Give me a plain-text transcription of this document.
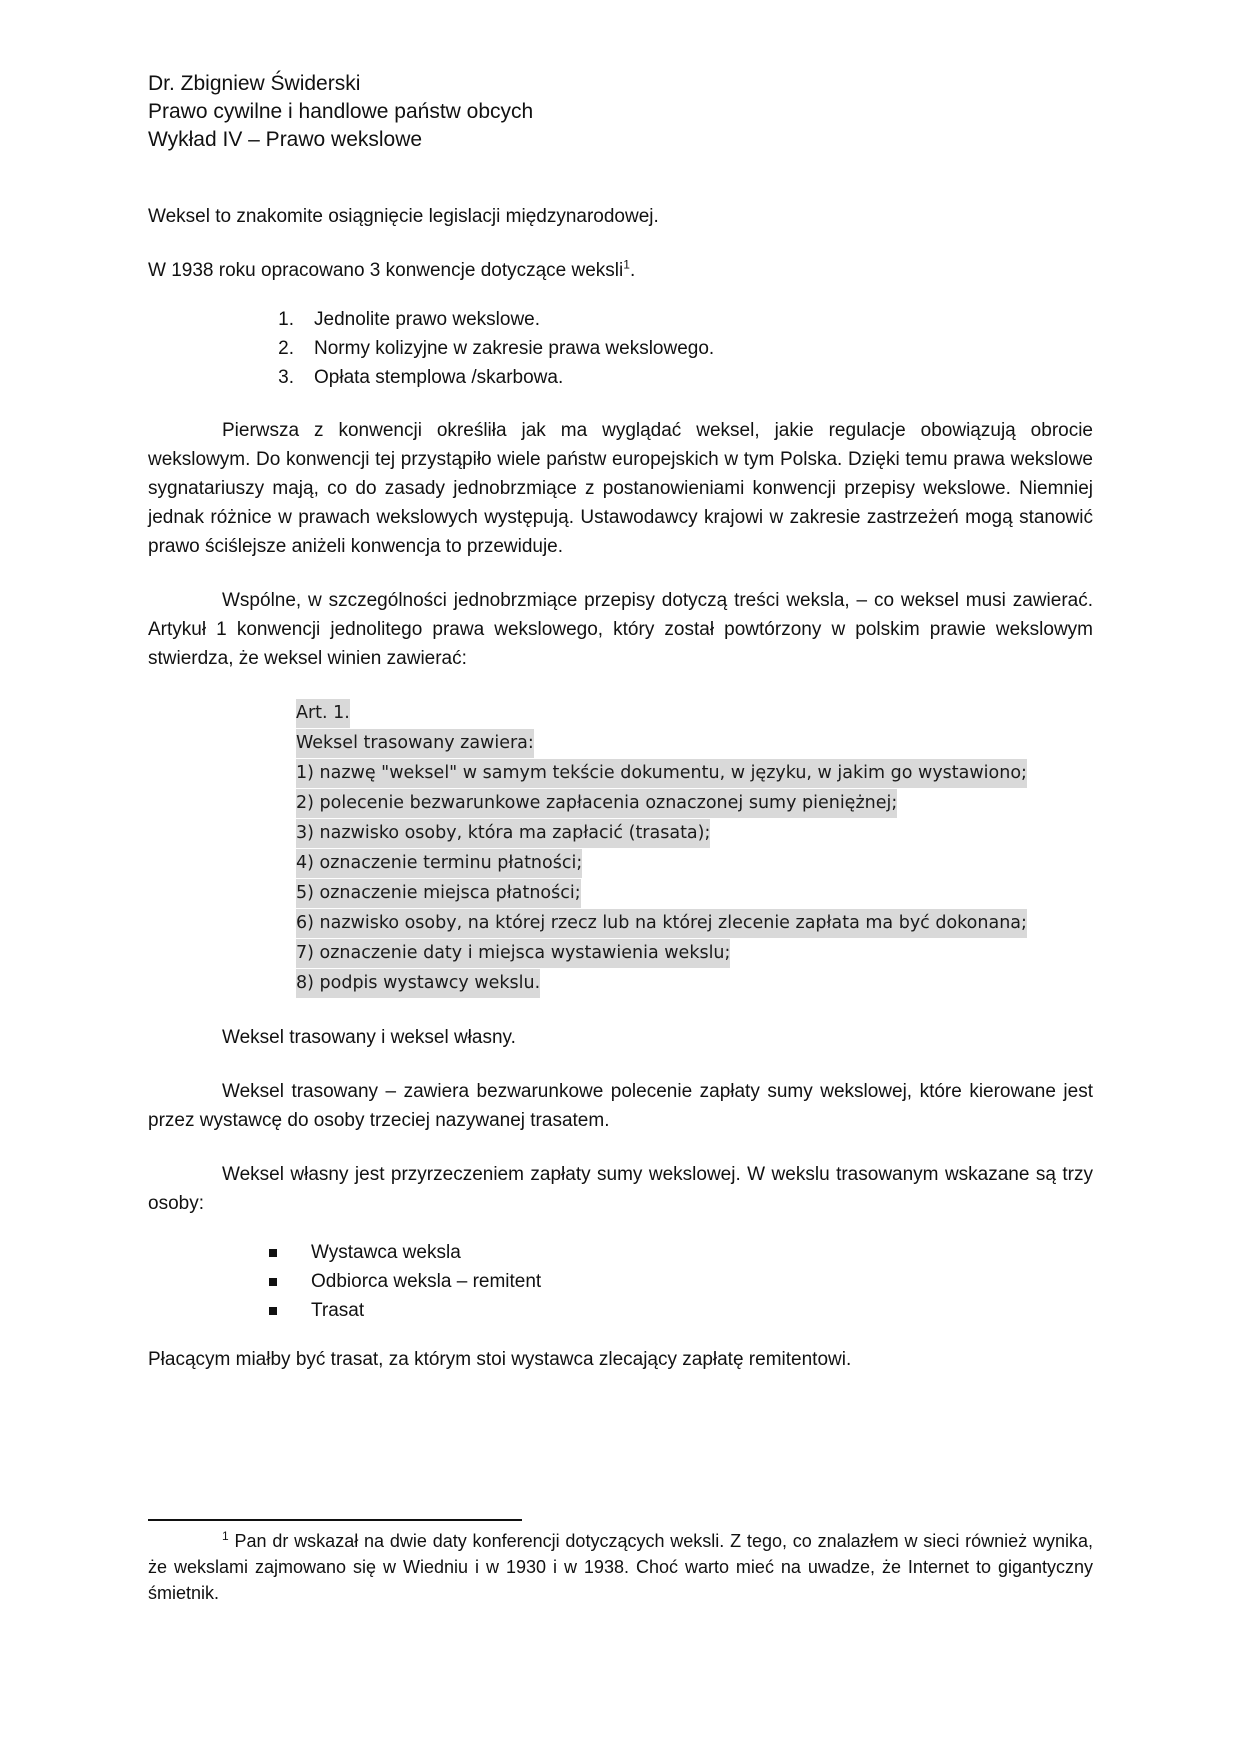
Dr. Zbigniew Świderski

Prawo cywilne i handlowe państw obcych

Wykład IV – Prawo wekslowe

Weksel to znakomite osiągnięcie legislacji międzynarodowej.

W 1938 roku opracowano 3 konwencje dotyczące weksli$^1$.

1. Jednolite prawo wekslowe.

2. Normy kolizyjne w zakresie prawa wekslowego.

3. Opłata stemplowa /skarbowa.

Pierwsza z konwencji określiła jak ma wyglądać weksel, jakie regulacje obowiązują obrocie wekslowym. Do konwencji tej przystąpiło wiele państw europejskich w tym Polska. Dzięki temu prawa wekslowe sygnatariuszy mają, co do zasady jednobrzmiące z postanowieniami konwencji przepisy wekslowe. Niemniej jednak różnice w prawach wekslowych występują. Ustawodawcy krajowi w zakresie zastrzeżeń mogą stanowić prawo ściślejsze aniżeli konwencja to przewiduje.

Wspólne, w szczególności jednobrzmiące przepisy dotyczą treści weksla, – co weksel musi zawierać. Artykuł 1 konwencji jednolitego prawa wekslowego, który został powtórzony w polskim prawie wekslowym stwierdza, że weksel winien zawierać:

Art. 1.
Weksel trasowany zawiera:
1) nazwę "weksel" w samym tekście dokumentu, w języku, w jakim go wystawiono;
2) polecenie bezwarunkowe zapłacenia oznaczonej sumy pieniężnej;
3) nazwisko osoby, która ma zapłacić (trasata);
4) oznaczenie terminu płatności;
5) oznaczenie miejsca płatności;
6) nazwisko osoby, na której rzecz lub na której zlecenie zapłata ma być dokonana;
7) oznaczenie daty i miejsca wystawienia wekslu;
8) podpis wystawcy wekslu.

Weksel trasowany i weksel własny.

Weksel trasowany – zawiera bezwarunkowe polecenie zapłaty sumy wekslowej, które kierowane jest przez wystawcę do osoby trzeciej nazywanej trasatem.

Weksel własny jest przyrzeczeniem zapłaty sumy wekslowej. W wekslu trasowanym wskazane są trzy osoby:

Wystawca weksla

Odbiorca weksla – remitent

Trasat

Płacącym miałby być trasat, za którym stoi wystawca zlecający zapłatę remitentowi.

$^1$ Pan dr wskazał na dwie daty konferencji dotyczących weksli. Z tego, co znalazłem w sieci również wynika, że wekslami zajmowano się w Wiedniu i w 1930 i w 1938. Choć warto mieć na uwadze, że Internet to gigantyczny śmietnik.
